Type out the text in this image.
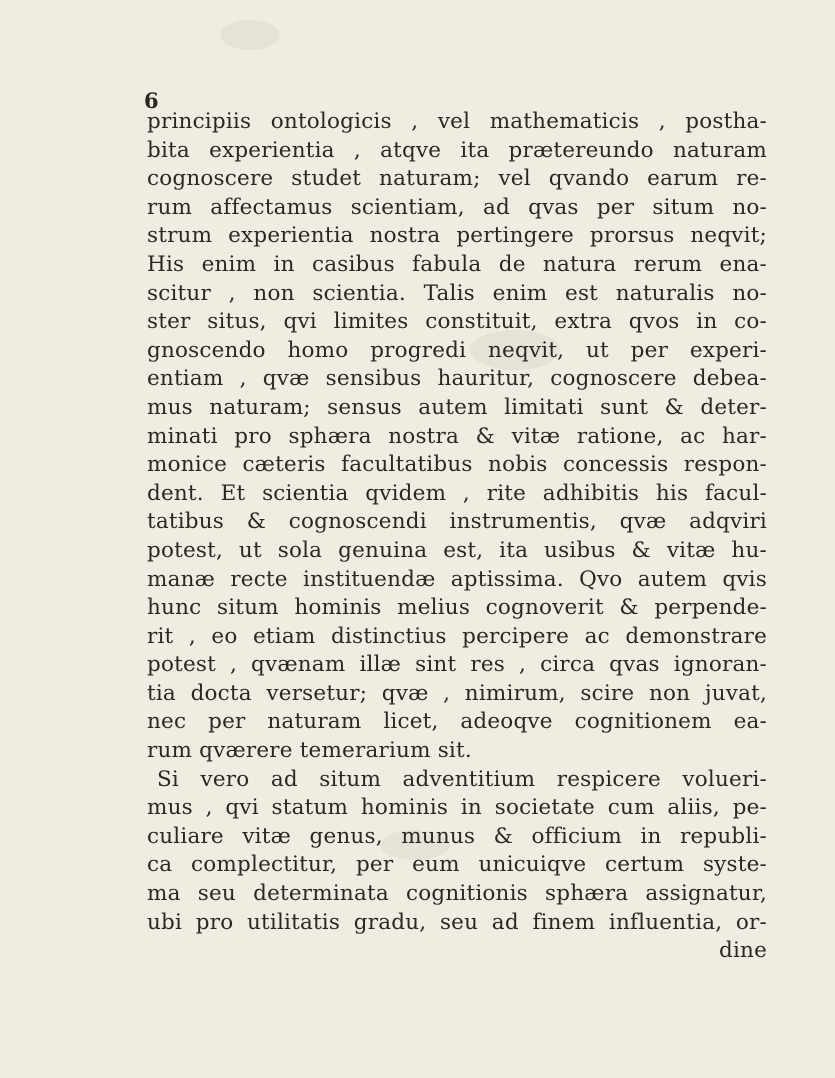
6
principiis ontologicis , vel mathematicis , postha-
bita experientia , atqve ita prætereundo naturam
cognoscere studet naturam; vel qvando earum re-
rum affectamus scientiam, ad qvas per situm no-
strum experientia nostra pertingere prorsus neqvit;
His enim in casibus fabula de natura rerum ena-
scitur , non scientia. Talis enim est naturalis no-
ster situs, qvi limites constituit, extra qvos in co-
gnoscendo homo progredi neqvit, ut per experi-
entiam , qvæ sensibus hauritur, cognoscere debea-
mus naturam; sensus autem limitati sunt & deter-
minati pro sphæra nostra & vitæ ratione, ac har-
monice cæteris facultatibus nobis concessis respon-
dent. Et scientia qvidem , rite adhibitis his facul-
tatibus & cognoscendi instrumentis, qvæ adqviri
potest, ut sola genuina est, ita usibus & vitæ hu-
manæ recte instituendæ aptissima. Qvo autem qvis
hunc situm hominis melius cognoverit & perpende-
rit , eo etiam distinctius percipere ac demonstrare
potest , qvænam illæ sint res , circa qvas ignoran-
tia docta versetur; qvæ , nimirum, scire non juvat,
nec per naturam licet, adeoqve cognitionem ea-
rum qværere temerarium sit.
Si vero ad situm adventitium respicere volueri-
mus , qvi statum hominis in societate cum aliis, pe-
culiare vitæ genus, munus & officium in republi-
ca complectitur, per eum unicuiqve certum syste-
ma seu determinata cognitionis sphæra assignatur,
ubi pro utilitatis gradu, seu ad finem influentia, or-
dine
